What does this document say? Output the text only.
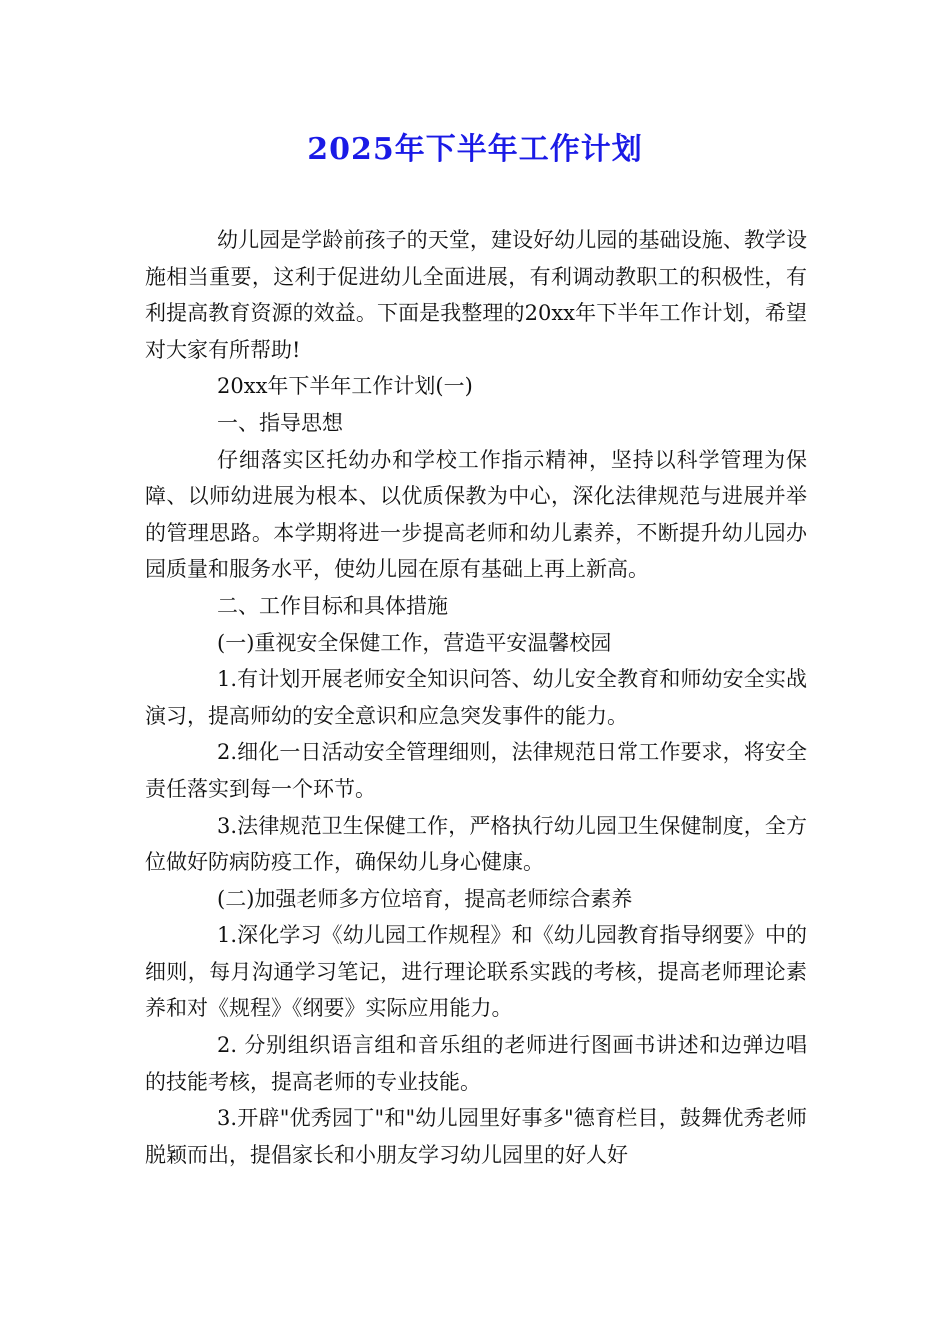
2025年下半年工作计划

幼儿园是学龄前孩子的天堂，建设好幼儿园的基础设施、教学设施相当重要，这利于促进幼儿全面进展，有利调动教职工的积极性，有利提高教育资源的效益。下面是我整理的20xx年下半年工作计划，希望对大家有所帮助!

20xx年下半年工作计划(一)

一、指导思想

仔细落实区托幼办和学校工作指示精神，坚持以科学管理为保障、以师幼进展为根本、以优质保教为中心，深化法律规范与进展并举的管理思路。本学期将进一步提高老师和幼儿素养，不断提升幼儿园办园质量和服务水平，使幼儿园在原有基础上再上新高。

二、工作目标和具体措施

(一)重视安全保健工作，营造平安温馨校园

1.有计划开展老师安全知识问答、幼儿安全教育和师幼安全实战演习，提高师幼的安全意识和应急突发事件的能力。

2.细化一日活动安全管理细则，法律规范日常工作要求，将安全责任落实到每一个环节。

3.法律规范卫生保健工作，严格执行幼儿园卫生保健制度，全方位做好防病防疫工作，确保幼儿身心健康。

(二)加强老师多方位培育，提高老师综合素养

1.深化学习《幼儿园工作规程》和《幼儿园教育指导纲要》中的细则，每月沟通学习笔记，进行理论联系实践的考核，提高老师理论素养和对《规程》《纲要》实际应用能力。

2. 分别组织语言组和音乐组的老师进行图画书讲述和边弹边唱的技能考核，提高老师的专业技能。

3.开辟"优秀园丁"和"幼儿园里好事多"德育栏目，鼓舞优秀老师脱颖而出，提倡家长和小朋友学习幼儿园里的好人好
